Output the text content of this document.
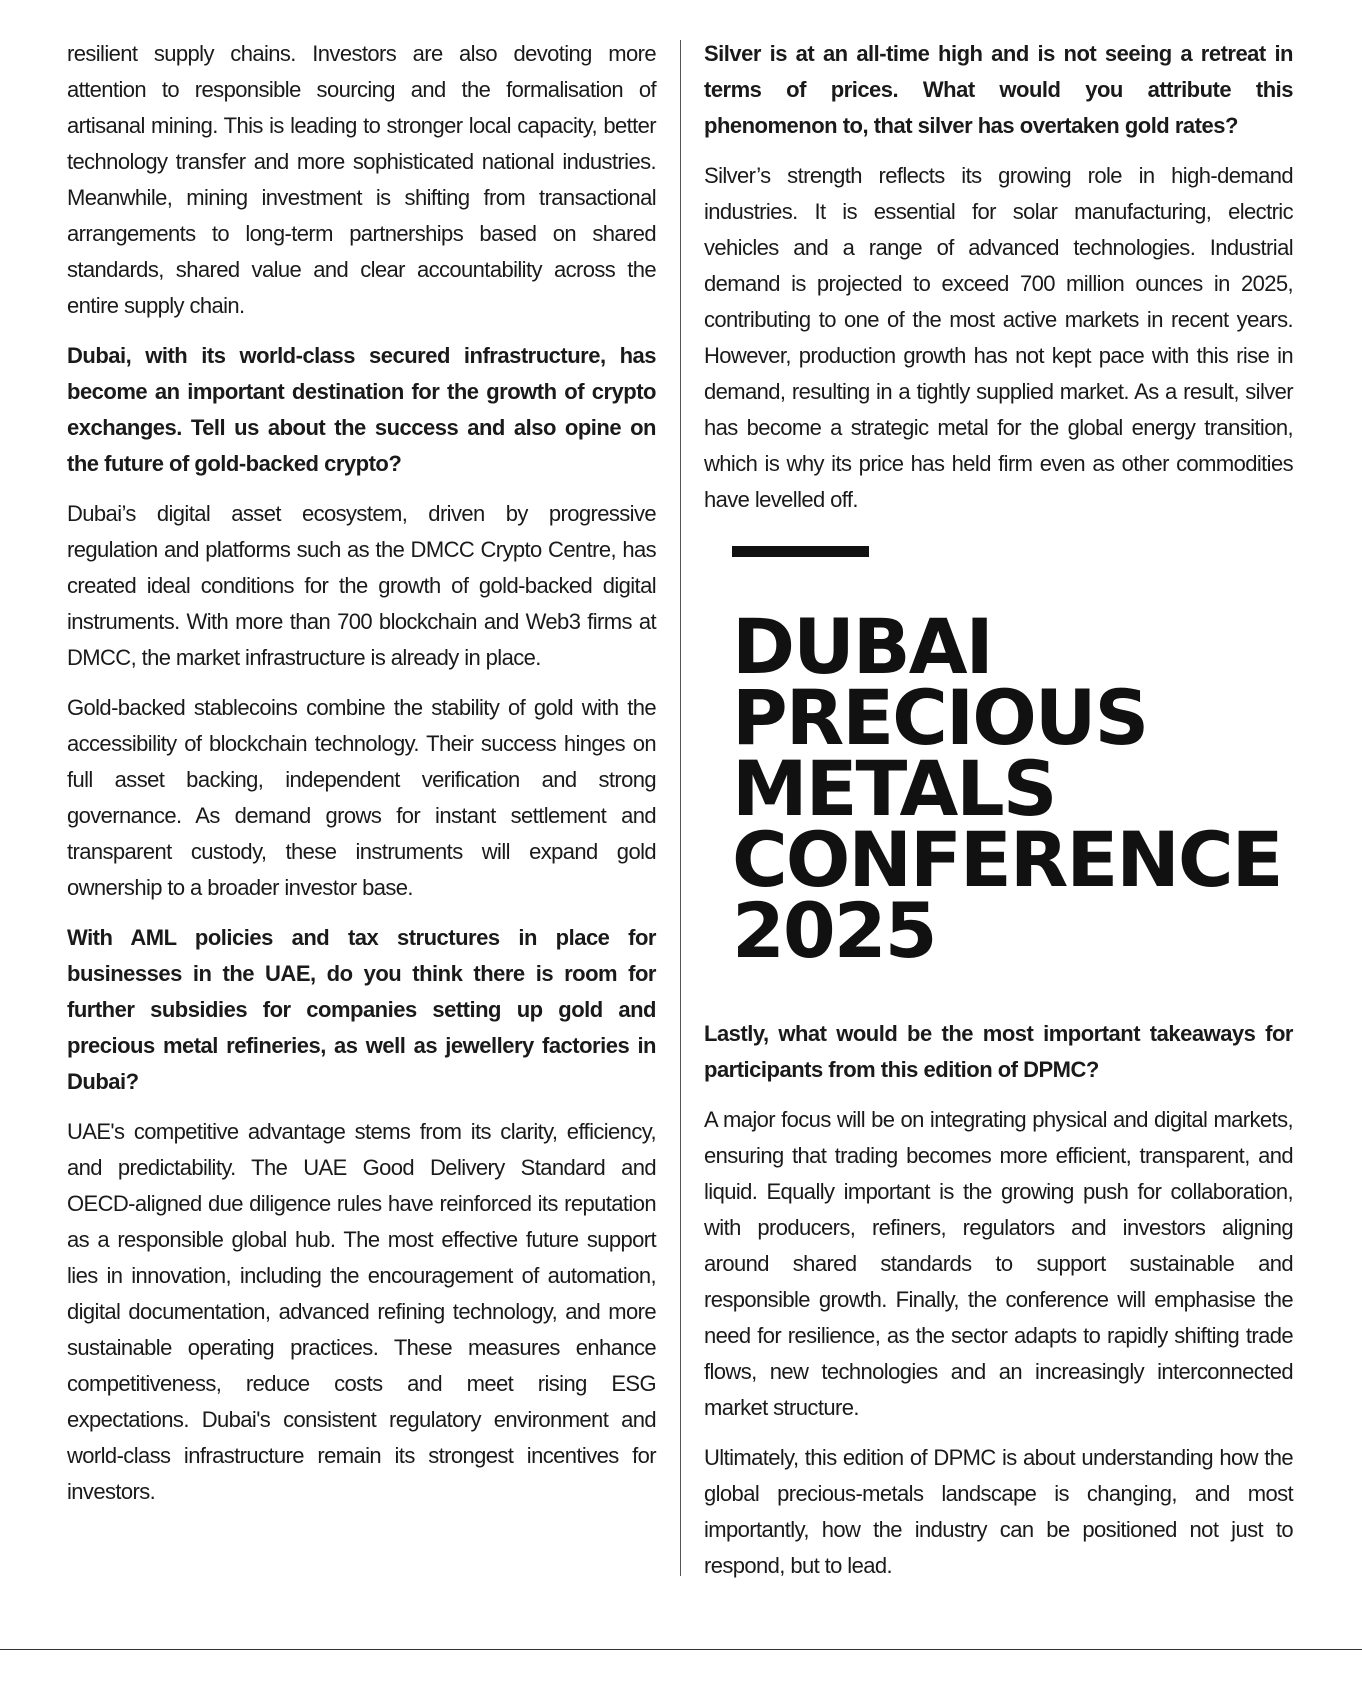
resilient supply chains. Investors are also devoting more attention to responsible sourcing and the formalisation of artisanal mining. This is leading to stronger local capacity, better technology transfer and more sophisticated national industries. Meanwhile, mining investment is shifting from transactional arrangements to long-term partnerships based on shared standards, shared value and clear accountability across the entire supply chain.

Dubai, with its world-class secured infrastructure, has become an important destination for the growth of crypto exchanges. Tell us about the success and also opine on the future of gold-backed crypto?

Dubai’s digital asset ecosystem, driven by progressive regulation and platforms such as the DMCC Crypto Centre, has created ideal conditions for the growth of gold-backed digital instruments. With more than 700 blockchain and Web3 firms at DMCC, the market infrastructure is already in place.

Gold-backed stablecoins combine the stability of gold with the accessibility of blockchain technology. Their success hinges on full asset backing, independent verification and strong governance. As demand grows for instant settlement and transparent custody, these instruments will expand gold ownership to a broader investor base.

With AML policies and tax structures in place for businesses in the UAE, do you think there is room for further subsidies for companies setting up gold and precious metal refineries, as well as jewellery factories in Dubai?

UAE's competitive advantage stems from its clarity, efficiency, and predictability. The UAE Good Delivery Standard and OECD-aligned due diligence rules have reinforced its reputation as a responsible global hub. The most effective future support lies in innovation, including the encouragement of automation, digital documentation, advanced refining technology, and more sustainable operating practices. These measures enhance competitiveness, reduce costs and meet rising ESG expectations. Dubai's consistent regulatory environment and world-class infrastructure remain its strongest incentives for investors.

Silver is at an all-time high and is not seeing a retreat in terms of prices. What would you attribute this phenomenon to, that silver has overtaken gold rates?

Silver’s strength reflects its growing role in high-demand industries. It is essential for solar manufacturing, electric vehicles and a range of advanced technologies. Industrial demand is projected to exceed 700 million ounces in 2025, contributing to one of the most active markets in recent years. However, production growth has not kept pace with this rise in demand, resulting in a tightly supplied market. As a result, silver has become a strategic metal for the global energy transition, which is why its price has held firm even as other commodities have levelled off.

DUBAI
PRECIOUS
METALS
CONFERENCE
2025

Lastly, what would be the most important takeaways for participants from this edition of DPMC?

A major focus will be on integrating physical and digital markets, ensuring that trading becomes more efficient, transparent, and liquid. Equally important is the growing push for collaboration, with producers, refiners, regulators and investors aligning around shared standards to support sustainable and responsible growth. Finally, the conference will emphasise the need for resilience, as the sector adapts to rapidly shifting trade flows, new technologies and an increasingly interconnected market structure.

Ultimately, this edition of DPMC is about understanding how the global precious-metals landscape is changing, and most importantly, how the industry can be positioned not just to respond, but to lead.
